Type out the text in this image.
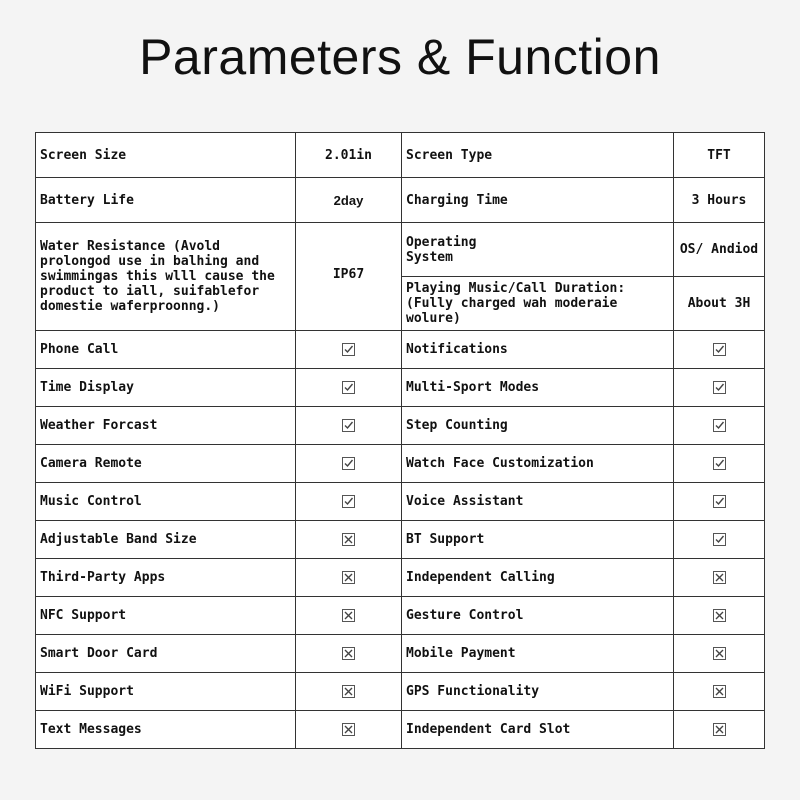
Parameters & Function
Screen Size	2.01in	Screen Type	TFT
Battery Life	2day	Charging Time	3 Hours
Water Resistance (Avold
prolongod use in balhing and
swimmingas this wlll cause the
product to iall, suifablefor
domestie waferproonng.)	IP67	Operating
System	OS/ Andiod
		Playing Music/Call Duration:
(Fully charged wah moderaie
wolure)	About 3H
Phone Call		Notifications	

Time Display		Multi-Sport Modes	

Weather Forcast		Step Counting	

Camera Remote		Watch Face Customization	

Music Control		Voice Assistant	

Adjustable Band Size		BT Support	

Third-Party Apps		Independent Calling	

NFC Support		Gesture Control	

Smart Door Card		Mobile Payment	

WiFi Support		GPS Functionality	

Text Messages		Independent Card Slot	
